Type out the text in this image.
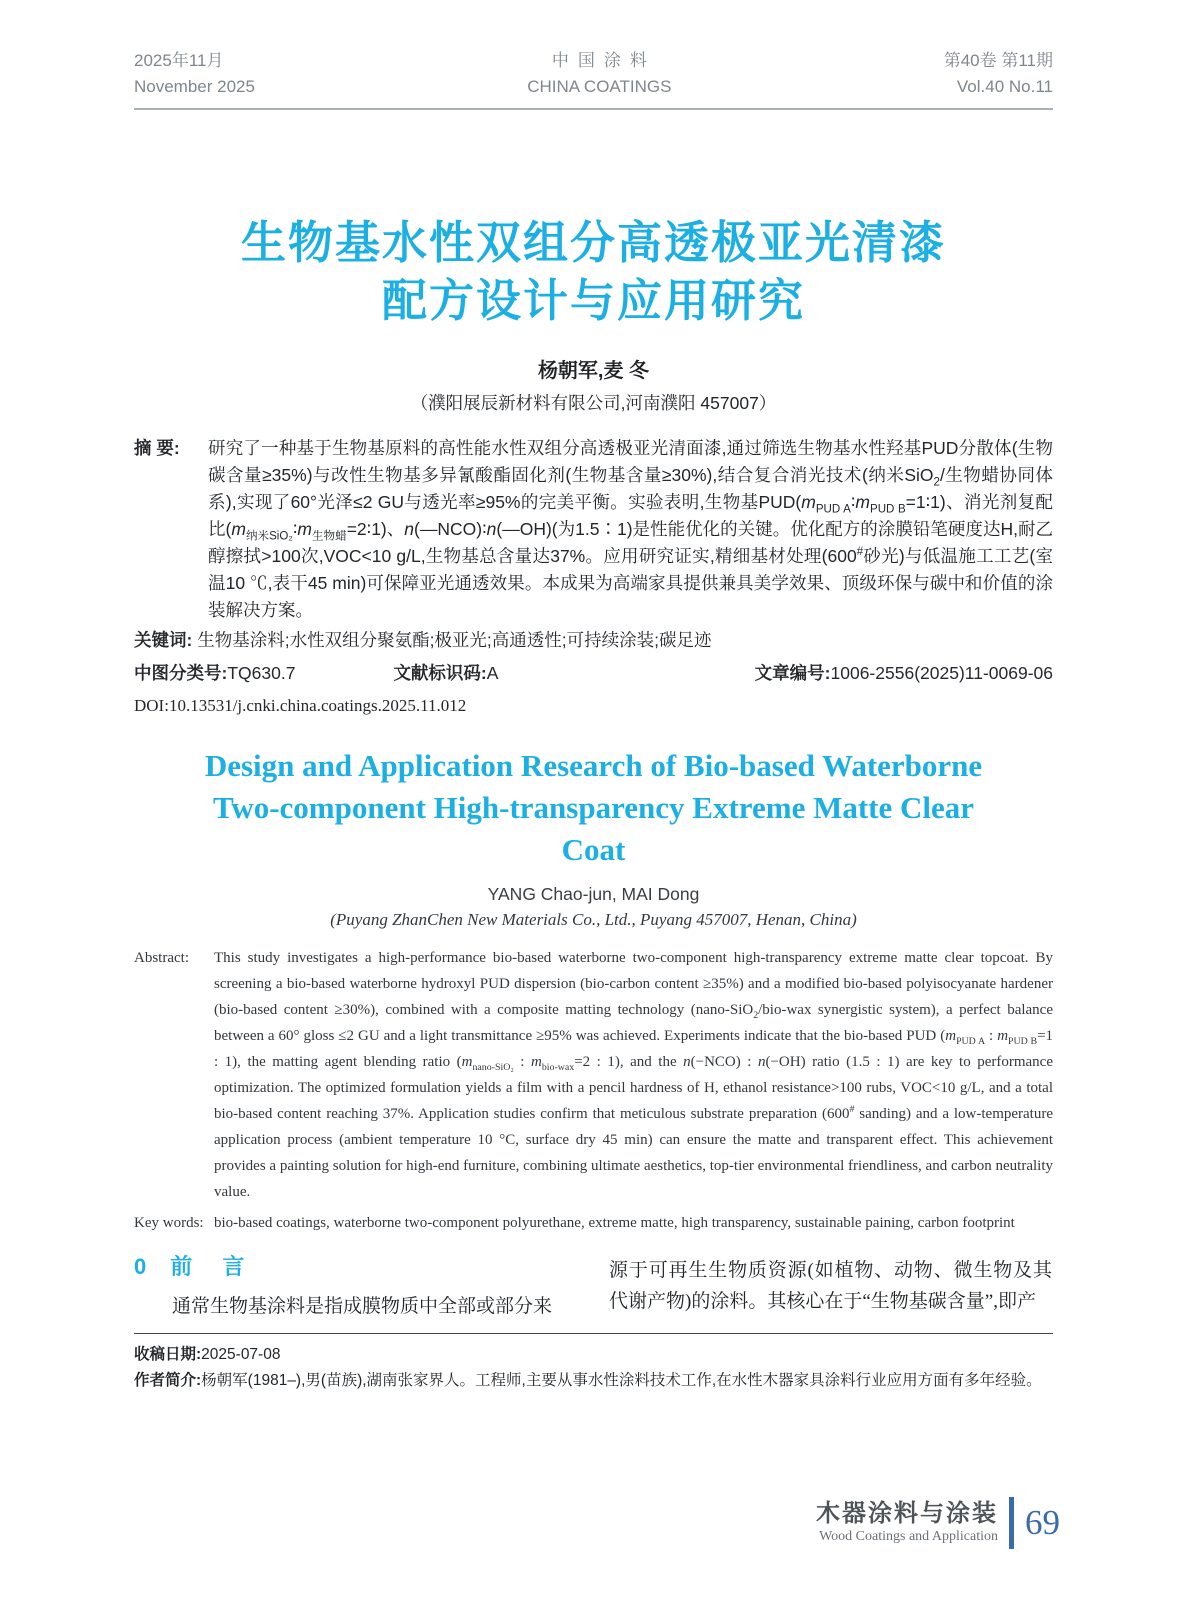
2025年11月
November 2025
中国涂料
CHINA COATINGS
第40卷 第11期
Vol.40 No.11
生物基水性双组分高透极亚光清漆
配方设计与应用研究
杨朝军,麦 冬
（濮阳展辰新材料有限公司,河南濮阳 457007）
摘 要: 研究了一种基于生物基原料的高性能水性双组分高透极亚光清面漆,通过筛选生物基水性羟基PUD分散体(生物碳含量≥35%)与改性生物基多异氰酸酯固化剂(生物基含量≥30%),结合复合消光技术(纳米SiO$_2$/生物蜡协同体系),实现了60°光泽≤2 GU与透光率≥95%的完美平衡。实验表明,生物基$PUD(m_{PUD A}∶m_{PUD B}=1∶1)$、消光剂复配比$(m_{纳米SiO_2}∶m_{生物蜡}=2∶1)$、n(—NCO)∶n(—OH)(为1.5∶1)是性能优化的关键。优化配方的涂膜铅笔硬度达H,耐乙醇擦拭>100次,VOC<10 g/L,生物基总含量达37%。应用研究证实,精细基材处理(600#砂光)与低温施工工艺(室温10 ℃,表干45 min)可保障亚光通透效果。本成果为高端家具提供兼具美学效果、顶级环保与碳中和价值的涂装解决方案。
关键词: 生物基涂料;水性双组分聚氨酯;极亚光;高通透性;可持续涂装;碳足迹
中图分类号:TQ630.7	文献标识码:A	文章编号:1006-2556(2025)11-0069-06
DOI:10.13531/j.cnki.china.coatings.2025.11.012
Design and Application Research of Bio-based Waterborne
Two-component High-transparency Extreme Matte Clear
Coat
YANG Chao-jun, MAI Dong
(Puyang ZhanChen New Materials Co., Ltd., Puyang 457007, Henan, China)
Abstract: This study investigates a high-performance bio-based waterborne two-component high-transparency extreme matte clear topcoat. By screening a bio-based waterborne hydroxyl PUD dispersion (bio-carbon content ≥35%) and a modified bio-based polyisocyanate hardener (bio-based content ≥30%), combined with a composite matting technology (nano-SiO$_2$/bio-wax synergistic system), a perfect balance between a 60° gloss ≤2 GU and a light transmittance ≥95% was achieved. Experiments indicate that the bio-based PUD ($m_{PUD A}$ : $m_{PUD B}=1$ : 1), the matting agent blending ratio ($m_{nano-SiO_2}$ : $m_{bio-wax}=2$ : 1), and the n(−NCO) : n(−OH) ratio (1.5 : 1) are key to performance optimization. The optimized formulation yields a film with a pencil hardness of H, ethanol resistance>100 rubs, VOC<10 g/L, and a total bio-based content reaching 37%. Application studies confirm that meticulous substrate preparation (600# sanding) and a low-temperature application process (ambient temperature 10 °C, surface dry 45 min) can ensure the matte and transparent effect. This achievement provides a painting solution for high-end furniture, combining ultimate aesthetics, top-tier environmental friendliness, and carbon neutrality value.
Key words: bio-based coatings, waterborne two-component polyurethane, extreme matte, high transparency, sustainable paining, carbon footprint
0 前 言
通常生物基涂料是指成膜物质中全部或部分来
源于可再生生物质资源(如植物、动物、微生物及其代谢产物)的涂料。其核心在于“生物基碳含量”,即产
收稿日期:2025-07-08
作者简介:杨朝军(1981–),男(苗族),湖南张家界人。工程师,主要从事水性涂料技术工作,在水性木器家具涂料行业应用方面有多年经验。
木器涂料与涂装
Wood Coatings and Application 69
